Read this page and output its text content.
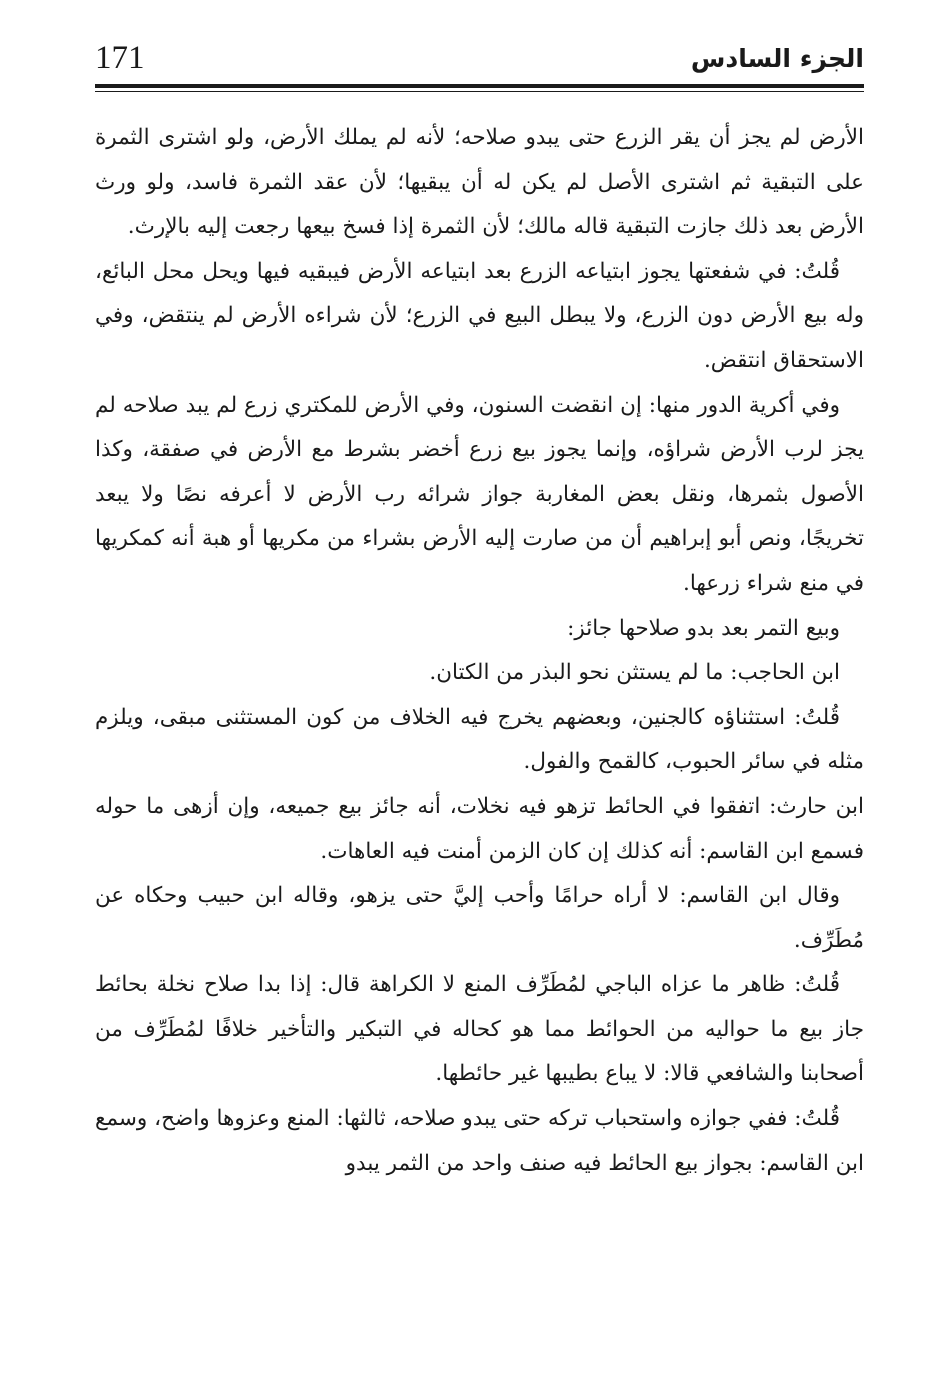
الجزء السادس
171

الأرض لم يجز أن يقر الزرع حتى يبدو صلاحه؛ لأنه لم يملك الأرض، ولو اشترى الثمرة على التبقية ثم اشترى الأصل لم يكن له أن يبقيها؛ لأن عقد الثمرة فاسد، ولو ورث الأرض بعد ذلك جازت التبقية قاله مالك؛ لأن الثمرة إذا فسخ بيعها رجعت إليه بالإرث.

قُلتُ: في شفعتها يجوز ابتياعه الزرع بعد ابتياعه الأرض فيبقيه فيها ويحل محل البائع، وله بيع الأرض دون الزرع، ولا يبطل البيع في الزرع؛ لأن شراءه الأرض لم ينتقض، وفي الاستحقاق انتقض.

وفي أكرية الدور منها: إن انقضت السنون، وفي الأرض للمكتري زرع لم يبد صلاحه لم يجز لرب الأرض شراؤه، وإنما يجوز بيع زرع أخضر بشرط مع الأرض في صفقة، وكذا الأصول بثمرها، ونقل بعض المغاربة جواز شرائه رب الأرض لا أعرفه نصًا ولا يبعد تخريجًا، ونص أبو إبراهيم أن من صارت إليه الأرض بشراء من مكريها أو هبة أنه كمكريها في منع شراء زرعها.

وبيع التمر بعد بدو صلاحها جائز:

ابن الحاجب: ما لم يستثن نحو البذر من الكتان.

قُلتُ: استثناؤه كالجنين، وبعضهم يخرج فيه الخلاف من كون المستثنى مبقى، ويلزم مثله في سائر الحبوب، كالقمح والفول.

ابن حارث: اتفقوا في الحائط تزهو فيه نخلات، أنه جائز بيع جميعه، وإن أزهى ما حوله فسمع ابن القاسم: أنه كذلك إن كان الزمن أمنت فيه العاهات.

وقال ابن القاسم: لا أراه حرامًا وأحب إليَّ حتى يزهو، وقاله ابن حبيب وحكاه عن مُطَرِّف.

قُلتُ: ظاهر ما عزاه الباجي لمُطَرِّف المنع لا الكراهة قال: إذا بدا صلاح نخلة بحائط جاز بيع ما حواليه من الحوائط مما هو كحاله في التبكير والتأخير خلافًا لمُطَرِّف من أصحابنا والشافعي قالا: لا يباع بطيبها غير حائطها.

قُلتُ: ففي جوازه واستحباب تركه حتى يبدو صلاحه، ثالثها: المنع وعزوها واضح، وسمع ابن القاسم: بجواز بيع الحائط فيه صنف واحد من الثمر يبدو
